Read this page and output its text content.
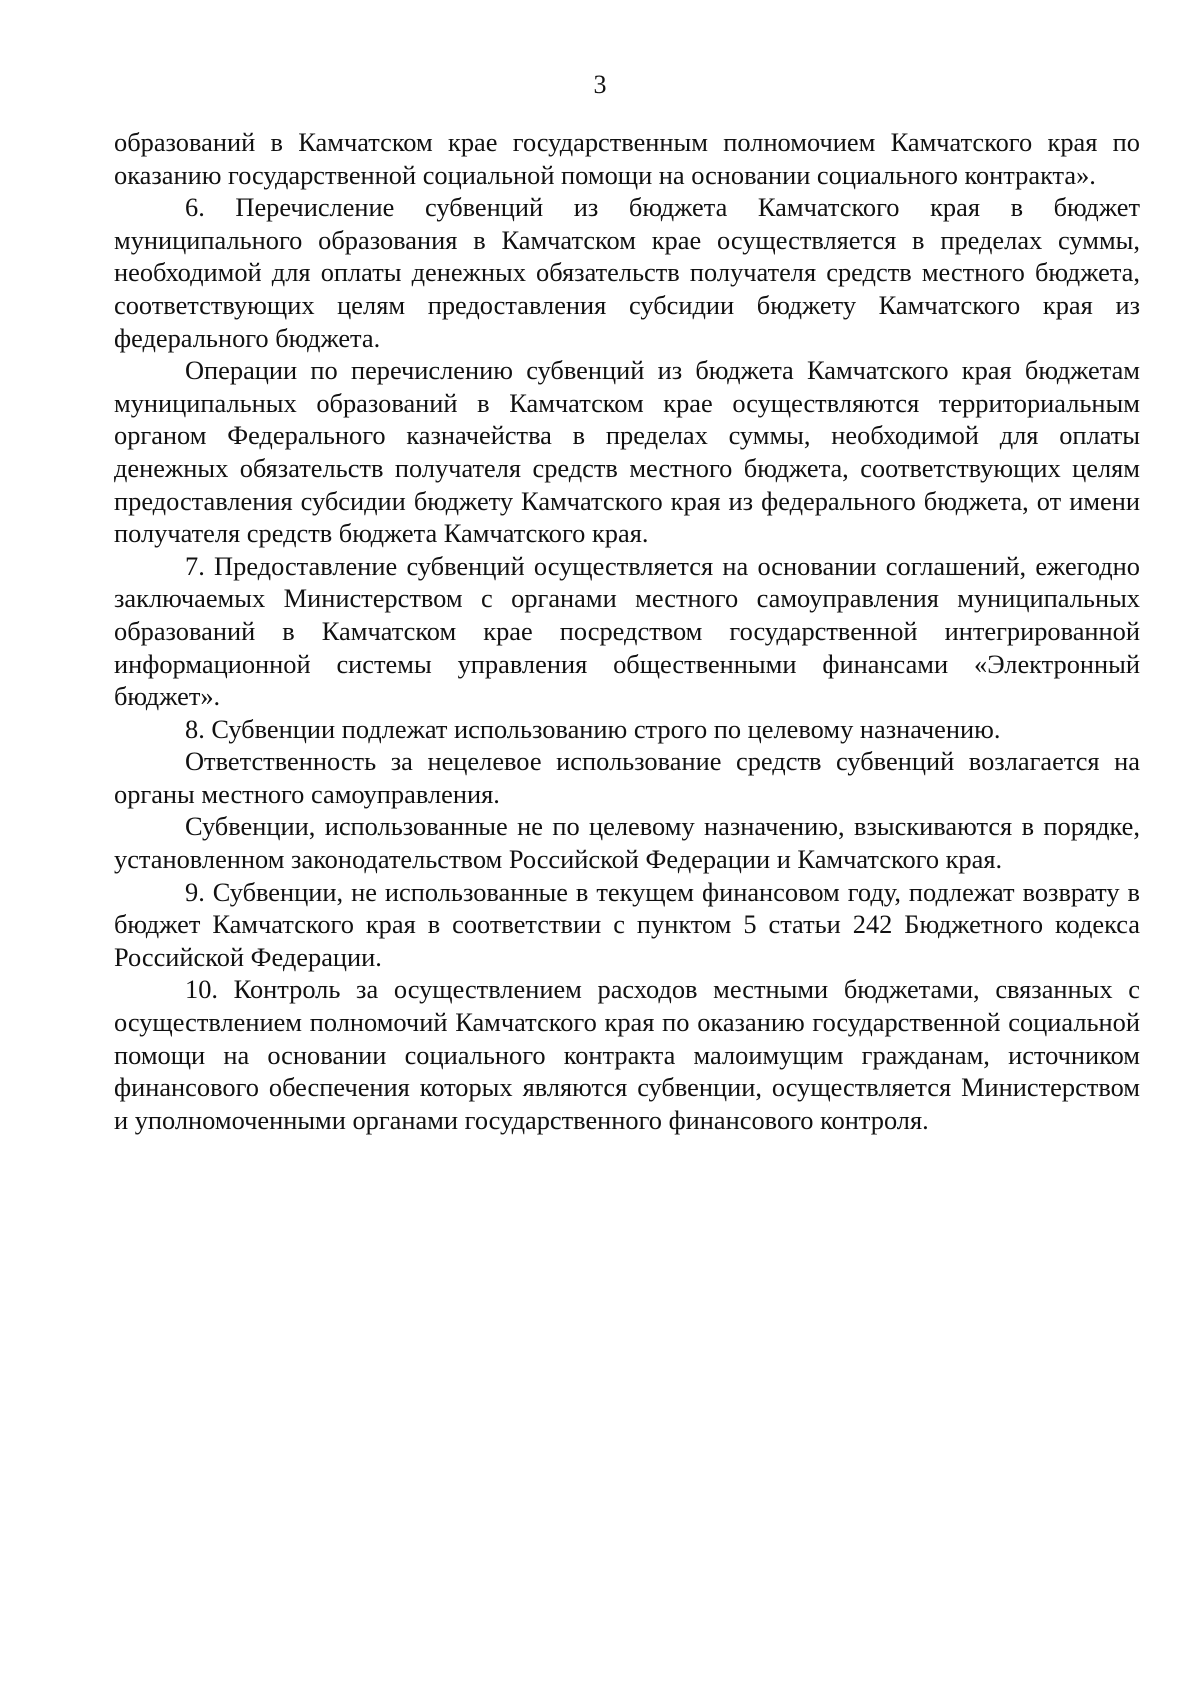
3

образований в Камчатском крае государственным полномочием Камчатского края по оказанию государственной социальной помощи на основании социального контракта».

6. Перечисление субвенций из бюджета Камчатского края в бюджет муниципального образования в Камчатском крае осуществляется в пределах суммы, необходимой для оплаты денежных обязательств получателя средств местного бюджета, соответствующих целям предоставления субсидии бюджету Камчатского края из федерального бюджета.

Операции по перечислению субвенций из бюджета Камчатского края бюджетам муниципальных образований в Камчатском крае осуществляются территориальным органом Федерального казначейства в пределах суммы, необходимой для оплаты денежных обязательств получателя средств местного бюджета, соответствующих целям предоставления субсидии бюджету Камчатского края из федерального бюджета, от имени получателя средств бюджета Камчатского края.

7. Предоставление субвенций осуществляется на основании соглашений, ежегодно заключаемых Министерством с органами местного самоуправления муниципальных образований в Камчатском крае посредством государственной интегрированной информационной системы управления общественными финансами «Электронный бюджет».

8. Субвенции подлежат использованию строго по целевому назначению.

Ответственность за нецелевое использование средств субвенций возлагается на органы местного самоуправления.

Субвенции, использованные не по целевому назначению, взыскиваются в порядке, установленном законодательством Российской Федерации и Камчатского края.

9. Субвенции, не использованные в текущем финансовом году, подлежат возврату в бюджет Камчатского края в соответствии с пунктом 5 статьи 242 Бюджетного кодекса Российской Федерации.

10. Контроль за осуществлением расходов местными бюджетами, связанных с осуществлением полномочий Камчатского края по оказанию государственной социальной помощи на основании социального контракта малоимущим гражданам, источником финансового обеспечения которых являются субвенции, осуществляется Министерством и уполномоченными органами государственного финансового контроля.
